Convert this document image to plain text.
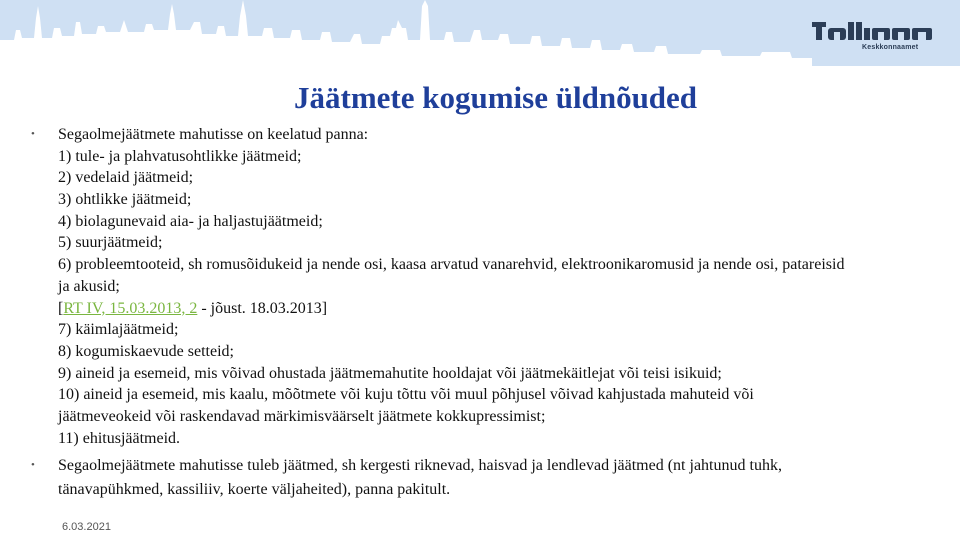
Keskkonnaamet
Jäätmete kogumise üldnõuded
• Segaolmejäätmete mahutisse on keelatud panna:
1) tule- ja plahvatusohtlikke jäätmeid;
2) vedelaid jäätmeid;
3) ohtlikke jäätmeid;
4) biolagunevaid aia- ja haljastujäätmeid;
5) suurjäätmeid;
6) probleemtooteid, sh romusõidukeid ja nende osi, kaasa arvatud vanarehvid, elektroonikaromusid ja nende osi, patareisid
ja akusid;
[RT IV, 15.03.2013, 2 - jõust. 18.03.2013]
7) käimlajäätmeid;
8) kogumiskaevude setteid;
9) aineid ja esemeid, mis võivad ohustada jäätmemahutite hooldajat või jäätmekäitlejat või teisi isikuid;
10) aineid ja esemeid, mis kaalu, mõõtmete või kuju tõttu või muul põhjusel võivad kahjustada mahuteid või
jäätmeveokeid või raskendavad märkimisväärselt jäätmete kokkupressimist;
11) ehitusjäätmeid.
• Segaolmejäätmete mahutisse tuleb jäätmed, sh kergesti riknevad, haisvad ja lendlevad jäätmed (nt jahtunud tuhk,
tänavapühkmed, kassiliiv, koerte väljaheited), panna pakitult.
6.03.2021
